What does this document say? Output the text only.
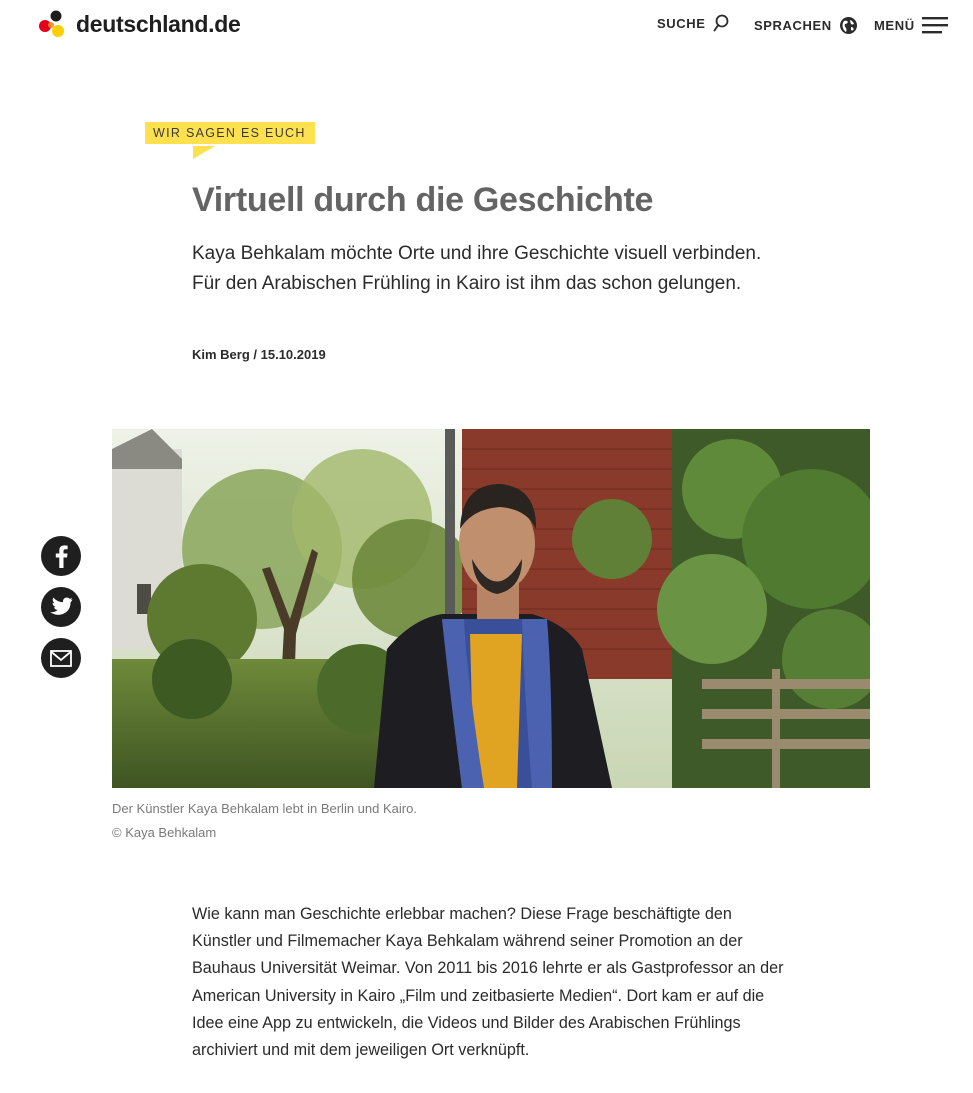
deutschland.de	SUCHE	SPRACHEN	MENÜ
WIR SAGEN ES EUCH
Virtuell durch die Geschichte

Kaya Behkalam möchte Orte und ihre Geschichte visuell verbinden. Für den Arabischen Frühling in Kairo ist ihm das schon gelungen.

Kim Berg / 15.10.2019
Der Künstler Kaya Behkalam lebt in Berlin und Kairo.
© Kaya Behkalam

Wie kann man Geschichte erlebbar machen? Diese Frage beschäftigte den Künstler und Filmemacher Kaya Behkalam während seiner Promotion an der Bauhaus Universität Weimar. Von 2011 bis 2016 lehrte er als Gastprofessor an der American University in Kairo „Film und zeitbasierte Medien“. Dort kam er auf die Idee eine App zu entwickeln, die Videos und Bilder des Arabischen Frühlings archiviert und mit dem jeweiligen Ort verknüpft.
